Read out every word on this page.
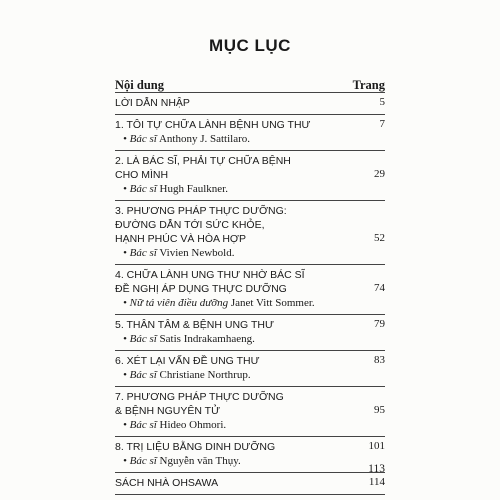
MỤC LỤC
Nội dung	Trang
LỜI DẪN NHẬP	5
1. TÔI TỰ CHỮA LÀNH BỆNH UNG THƯ	7
• Bác sĩ Anthony J. Sattilaro.
2. LÀ BÁC SĨ, PHẢI TỰ CHỮA BỆNH
CHO MÌNH	29
• Bác sĩ Hugh Faulkner.
3. PHƯƠNG PHÁP THỰC DƯỠNG:
ĐƯỜNG DẪN TỚI SỨC KHỎE,
HẠNH PHÚC VÀ HÒA HỢP	52
• Bác sĩ Vivien Newbold.
4. CHỮA LÀNH UNG THƯ NHỜ BÁC SĨ
ĐỀ NGHỊ ÁP DỤNG THỰC DƯỠNG	74
• Nữ tá viên điều dưỡng Janet Vitt Sommer.
5. THÂN TÂM & BỆNH UNG THƯ	79
• Bác sĩ Satis Indrakamhaeng.
6. XÉT LẠI VẤN ĐỀ UNG THƯ	83
• Bác sĩ Christiane Northrup.
7. PHƯƠNG PHÁP THỰC DƯỠNG
& BỆNH NGUYÊN TỬ	95
• Bác sĩ Hideo Ohmori.
8. TRỊ LIỆU BẰNG DINH DƯỠNG	101
• Bác sĩ Nguyễn văn Thụy.
SÁCH NHÀ OHSAWA	114
113
